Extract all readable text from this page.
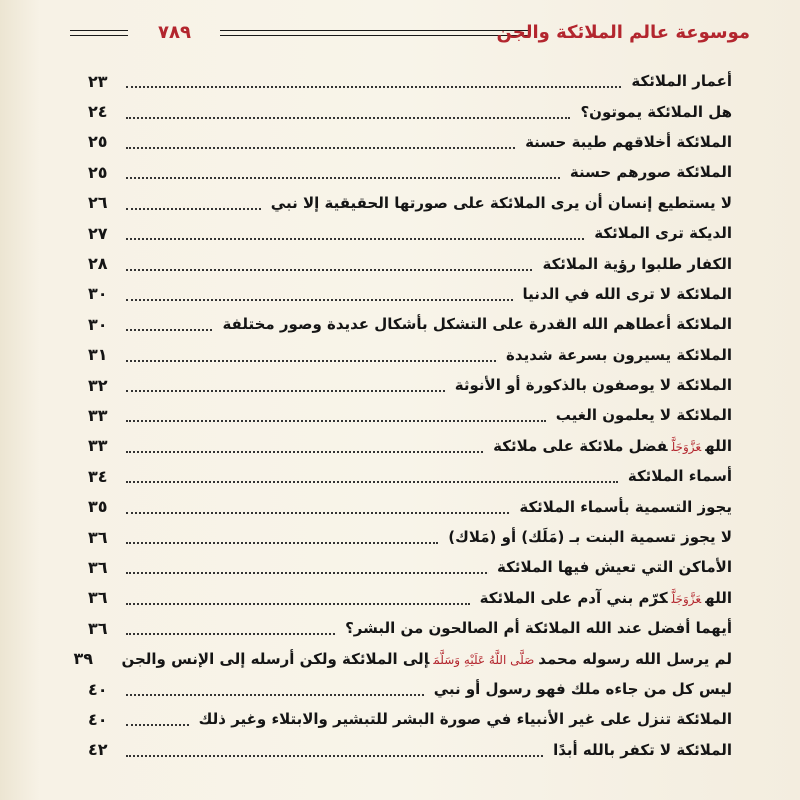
٧٨٩	موسوعة عالم الملائكة والجن
أعمار الملائكة
٢٣
هل الملائكة يموتون؟
٢٤
الملائكة أخلاقهم طيبة حسنة
٢٥
الملائكة صورهم حسنة
٢٥
لا يستطيع إنسان أن يرى الملائكة على صورتها الحقيقية إلا نبي
٢٦
الديكة ترى الملائكة
٢٧
الكفار طلبوا رؤية الملائكة
٢٨
الملائكة لا ترى الله في الدنيا
٣٠
الملائكة أعطاهم الله القدرة على التشكل بأشكال عديدة وصور مختلفة
٣٠
الملائكة يسيرون بسرعة شديدة
٣١
الملائكة لا يوصفون بالذكورة أو الأنوثة
٣٢
الملائكة لا يعلمون الغيب
٣٣
اللهعَزَّوَجَلَّفضل ملائكة على ملائكة
٣٣
أسماء الملائكة
٣٤
يجوز التسمية بأسماء الملائكة
٣٥
لا يجوز تسمية البنت بـ (مَلَك) أو (مَلاك)
٣٦
الأماكن التي تعيش فيها الملائكة
٣٦
اللهعَزَّوَجَلَّكرّم بني آدم على الملائكة
٣٦
أيهما أفضل عند الله الملائكة أم الصالحون من البشر؟
٣٦
لم يرسل الله رسوله محمدصَلَّى اللَّهُ عَلَيْهِ وَسَلَّمَإلى الملائكة ولكن أرسله إلى الإنس والجن
٣٩
ليس كل من جاءه ملك فهو رسول أو نبي
٤٠
الملائكة تنزل على غير الأنبياء في صورة البشر للتبشير والابتلاء وغير ذلك
٤٠
الملائكة لا تكفر بالله أبدًا
٤٢
